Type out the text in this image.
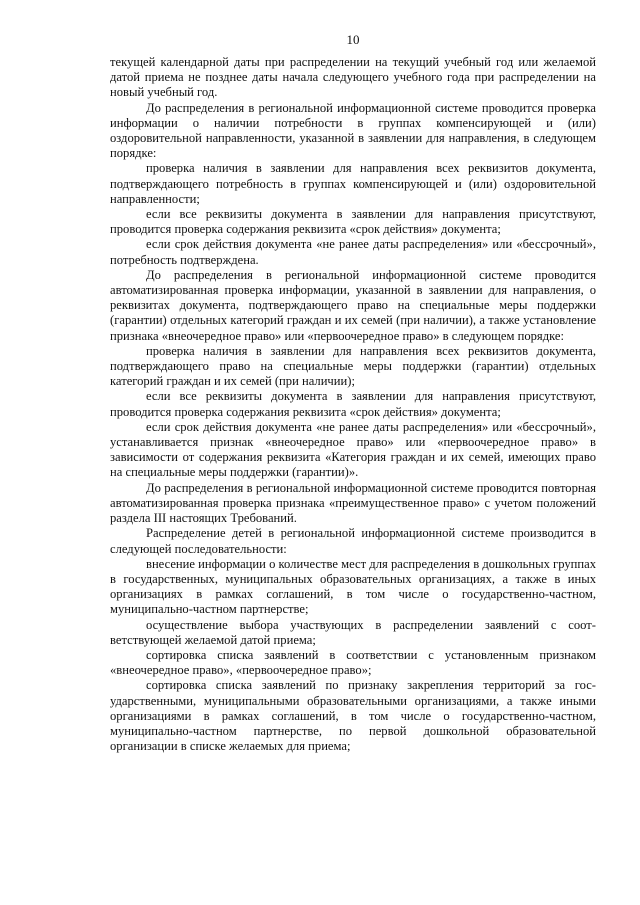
10

текущей календарной даты при распределении на текущий учебный год или желаемой датой приема не позднее даты начала следующего учебного года при распределении на новый учебный год.

До распределения в региональной информационной системе проводится проверка информации о наличии потребности в группах компенсирующей и (или) оздоровительной направленности, указанной в заявлении для направления, в следующем порядке:

проверка наличия в заявлении для направления всех реквизитов документа, подтверждающего потребность в группах компенсирующей и (или) оздоровительной направленности;

если все реквизиты документа в заявлении для направления присутствуют, проводится проверка содержания реквизита «срок действия» документа;

если срок действия документа «не ранее даты распределения» или «бессрочный», потребность подтверждена.

До распределения в региональной информационной системе проводится автоматизированная проверка информации, указанной в заявлении для направления, о реквизитах документа, подтверждающего право на специальные меры поддержки (гарантии) отдельных категорий граждан и их семей (при наличии), а также установление признака «внеочередное право» или «первоочередное право» в следующем порядке:

проверка наличия в заявлении для направления всех реквизитов документа, подтверждающего право на специальные меры поддержки (гарантии) отдельных категорий граждан и их семей (при наличии);

если все реквизиты документа в заявлении для направления присутствуют, проводится проверка содержания реквизита «срок действия» документа;

если срок действия документа «не ранее даты распределения» или «бессрочный», устанавливается признак «внеочередное право» или «первоочередное право» в зависимости от содержания реквизита «Категория граждан и их семей, имеющих право на специальные меры поддержки (гарантии)».

До распределения в региональной информационной системе проводится повторная автоматизированная проверка признака «преимущественное право» с учетом положений раздела III настоящих Требований.

Распределение детей в региональной информационной системе производится в следующей последовательности:

внесение информации о количестве мест для распределения в дошкольных группах в государственных, муниципальных образовательных организациях, а также в иных организациях в рамках соглашений, в том числе о государственно-частном, муниципально-частном партнерстве;

осуществление выбора участвующих в распределении заявлений с соответствующей желаемой датой приема;

сортировка списка заявлений в соответствии с установленным признаком «внеочередное право», «первоочередное право»;

сортировка списка заявлений по признаку закрепления территорий за государственными, муниципальными образовательными организациями, а также иными организациями в рамках соглашений, в том числе о государственно-частном, муниципально-частном партнерстве, по первой дошкольной образовательной организации в списке желаемых для приема;
